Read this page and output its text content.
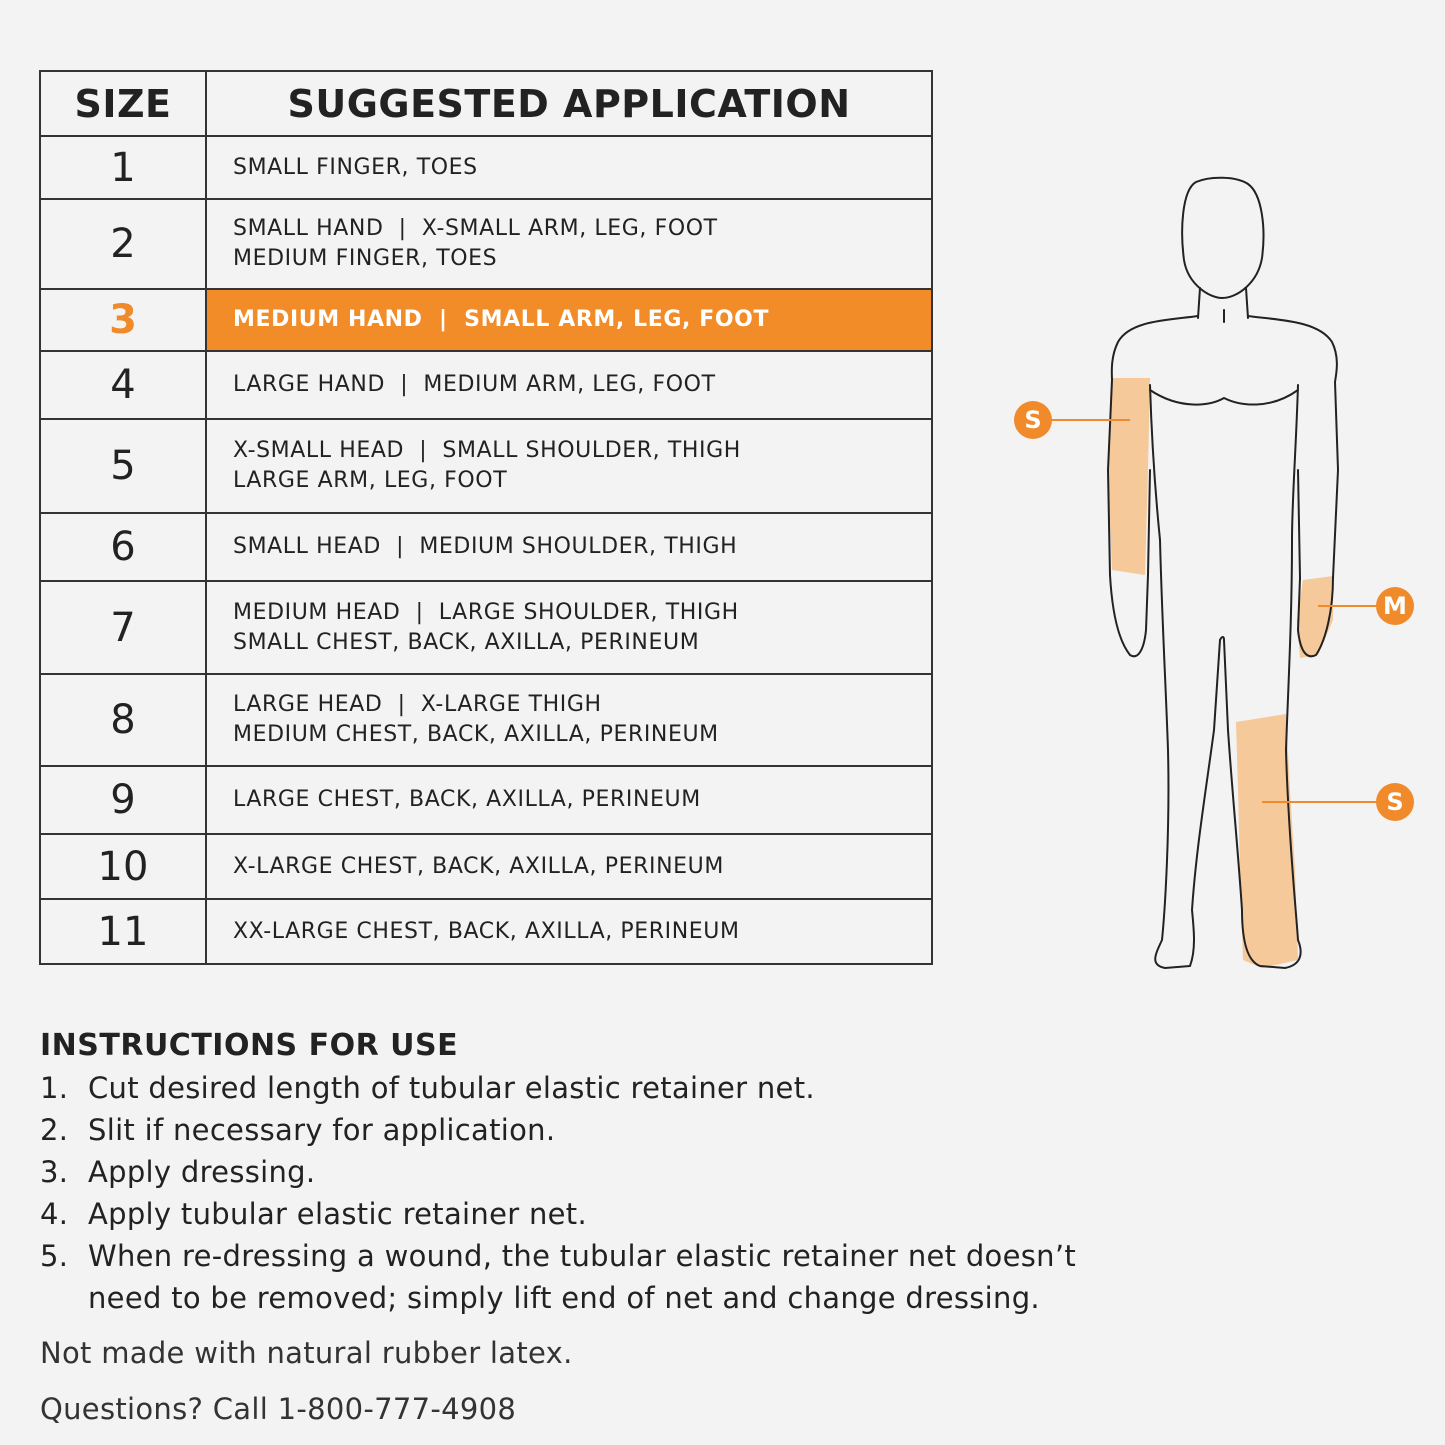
SIZE	SUGGESTED APPLICATION
1	SMALL FINGER, TOES

2	SMALL HAND  |  X-SMALL ARM, LEG, FOOT
MEDIUM FINGER, TOES

3	MEDIUM HAND  |  SMALL ARM, LEG, FOOT

4	LARGE HAND  |  MEDIUM ARM, LEG, FOOT

5	X-SMALL HEAD  |  SMALL SHOULDER, THIGH
LARGE ARM, LEG, FOOT

6	SMALL HEAD  |  MEDIUM SHOULDER, THIGH

7	MEDIUM HEAD  |  LARGE SHOULDER, THIGH
SMALL CHEST, BACK, AXILLA, PERINEUM

8	LARGE HEAD  |  X-LARGE THIGH
MEDIUM CHEST, BACK, AXILLA, PERINEUM

9	LARGE CHEST, BACK, AXILLA, PERINEUM

10	X-LARGE CHEST, BACK, AXILLA, PERINEUM

11	XX-LARGE CHEST, BACK, AXILLA, PERINEUM
S
M
S
INSTRUCTIONS FOR USE
1. Cut desired length of tubular elastic retainer net.
2. Slit if necessary for application.
3. Apply dressing.
4. Apply tubular elastic retainer net.
5. When re-dressing a wound, the tubular elastic retainer net doesn’t need to be removed; simply lift end of net and change dressing.
Not made with natural rubber latex.
Questions? Call 1-800-777-4908
